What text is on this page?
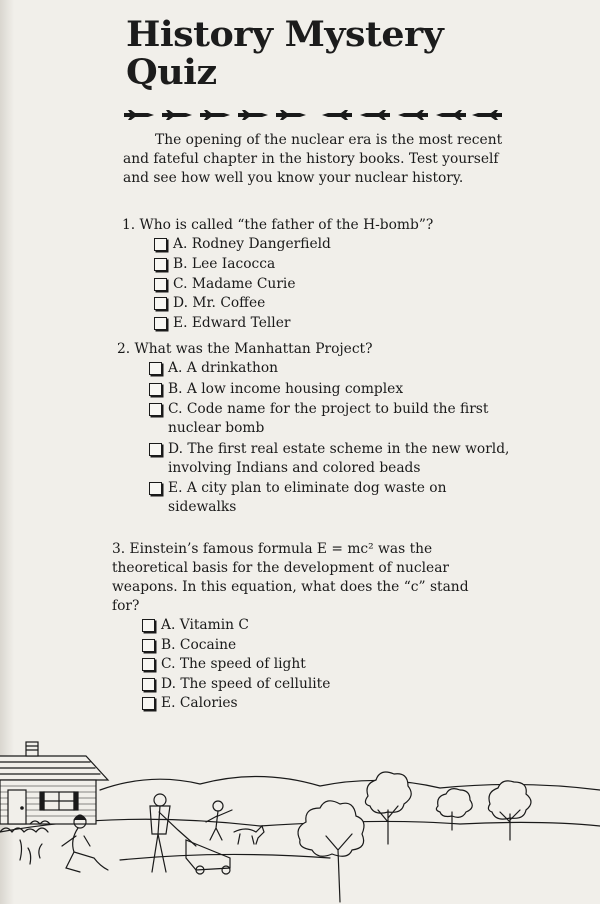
History Mystery
Quiz

The opening of the nuclear era is the most recent and fateful chapter in the history books. Test yourself and see how well you know your nuclear history.

1. Who is called “the father of the H-bomb”?
A. Rodney Dangerfield
B. Lee Iacocca
C. Madame Curie
D. Mr. Coffee
E. Edward Teller
2. What was the Manhattan Project?
A. A drinkathon
B. A low income housing complex
C. Code name for the project to build the first nuclear bomb
D. The first real estate scheme in the new world, involving Indians and colored beads
E. A city plan to eliminate dog waste on sidewalks
3. Einstein’s famous formula E = mc² was the theoretical basis for the development of nuclear weapons. In this equation, what does the “c” stand for?
A. Vitamin C
B. Cocaine
C. The speed of light
D. The speed of cellulite
E. Calories
